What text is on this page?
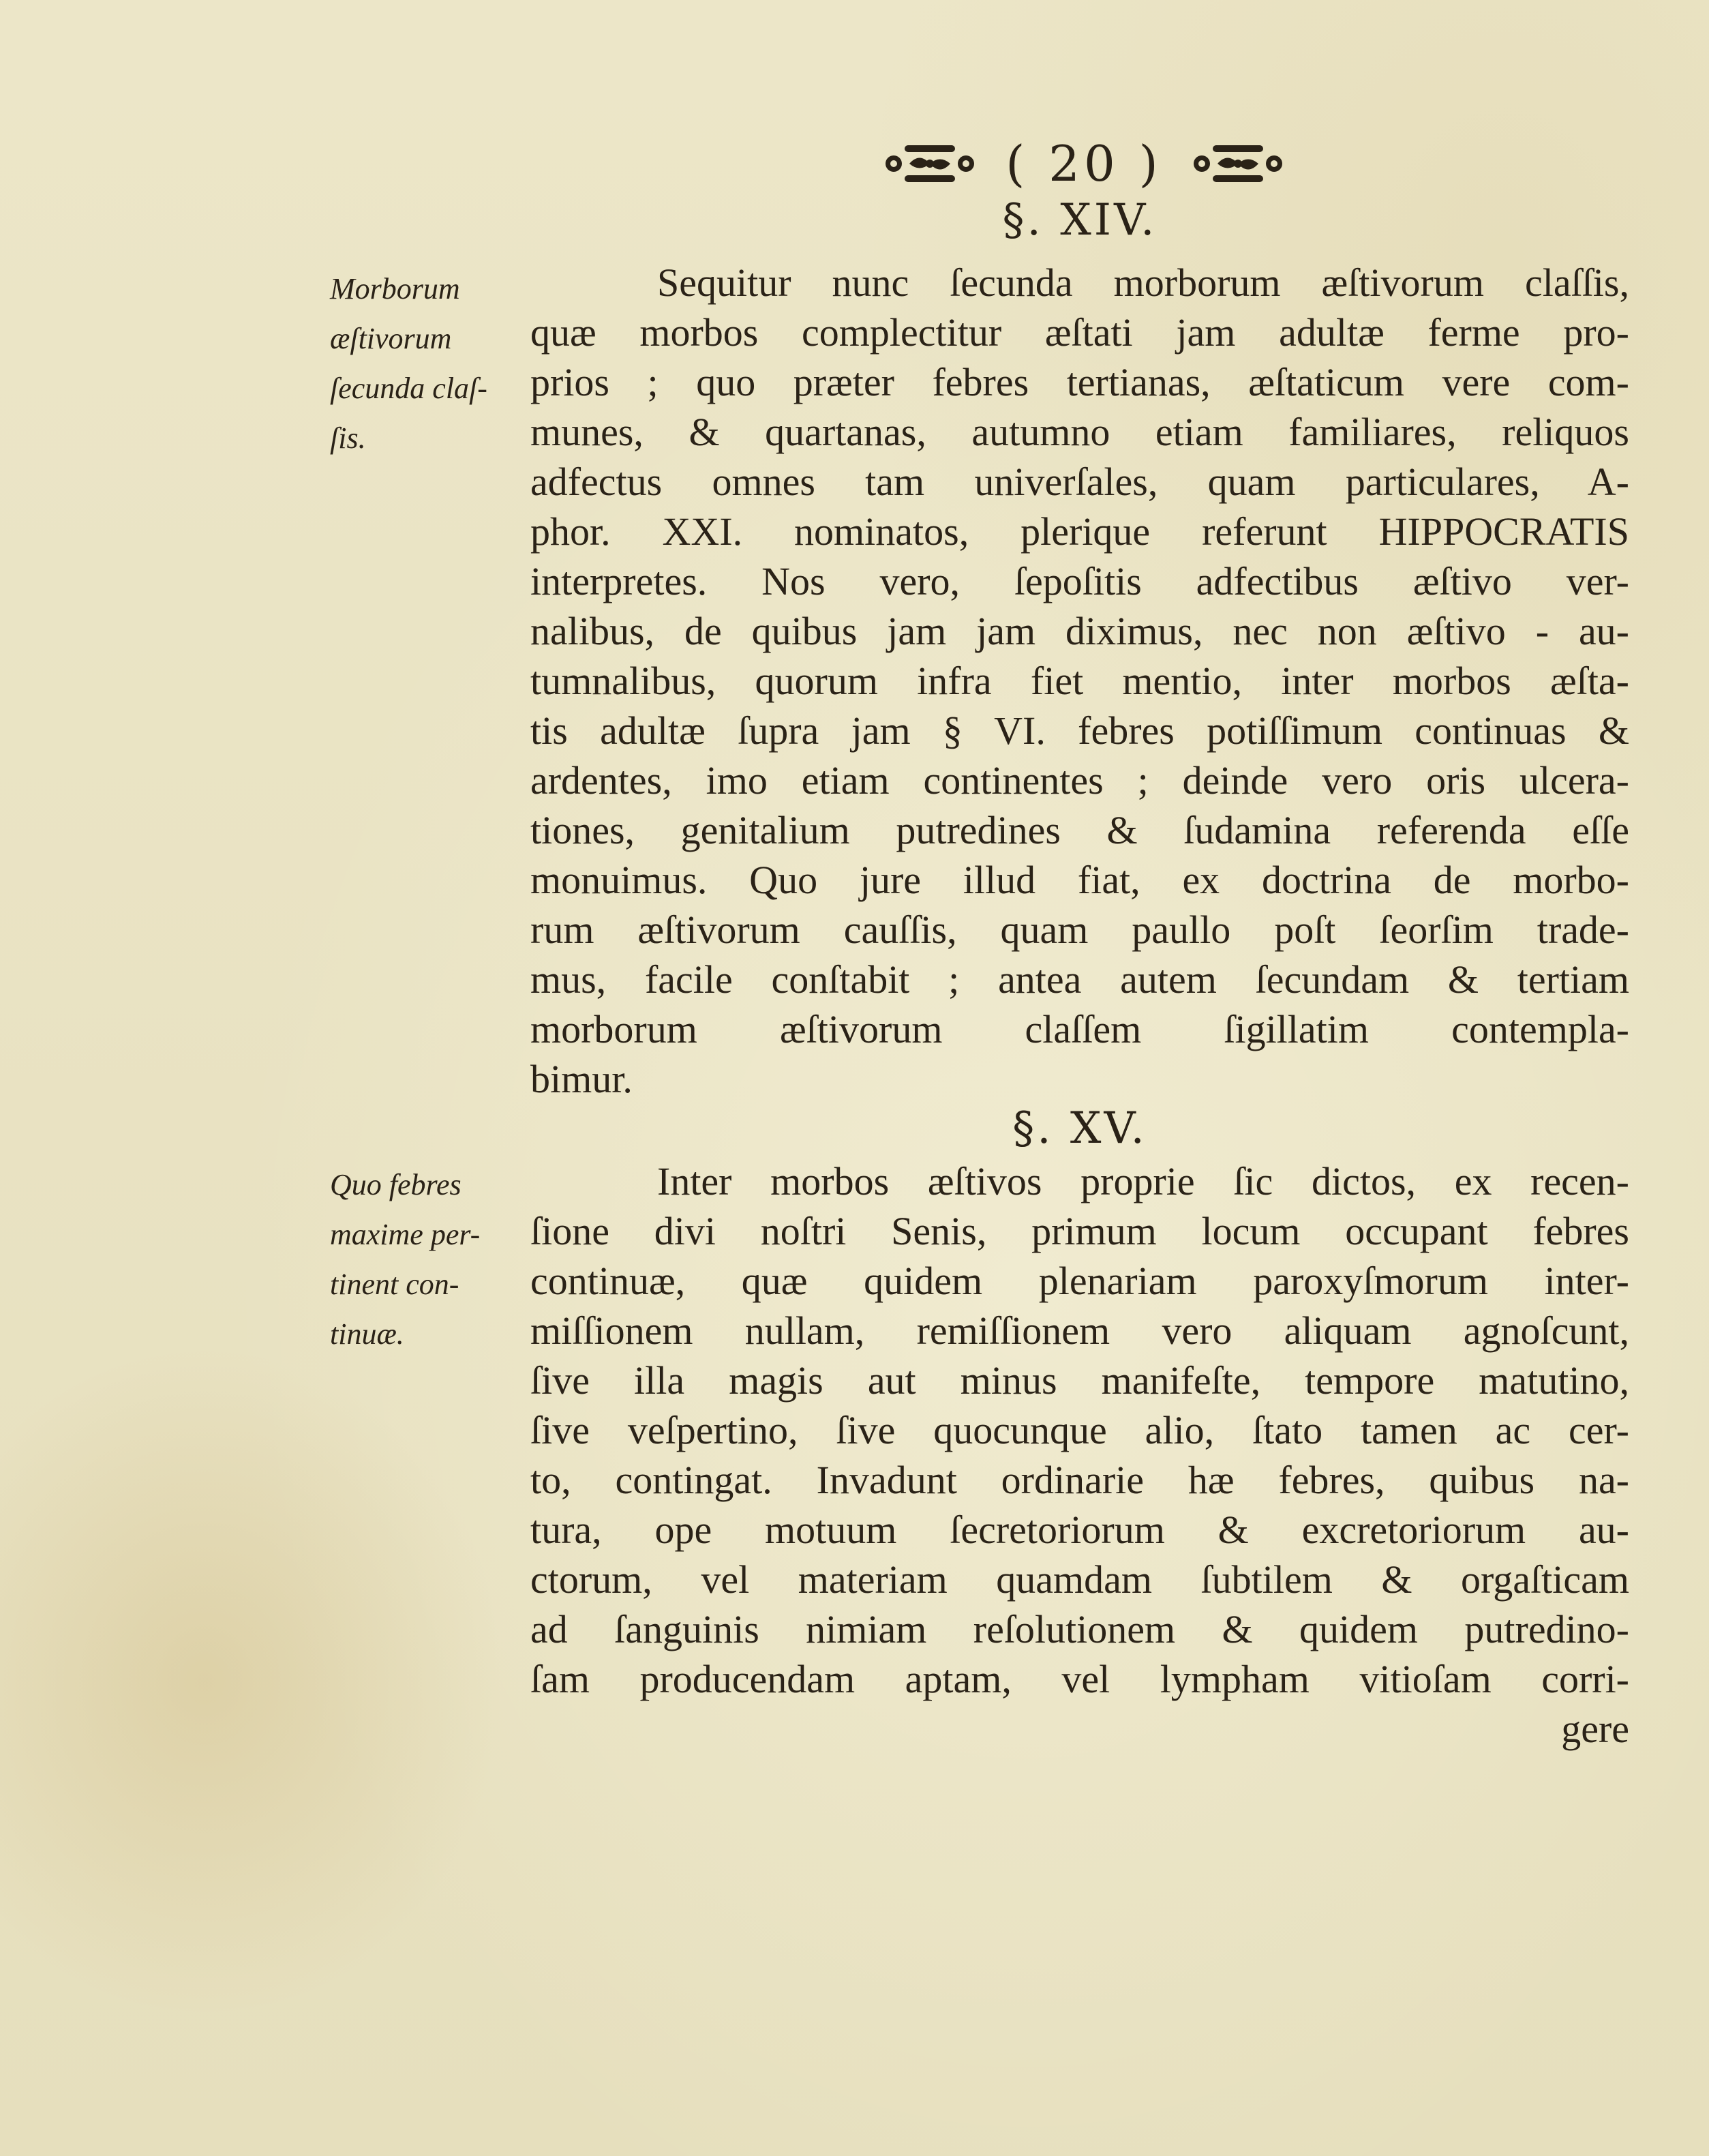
( 20 )
§. XIV.
Morborum
æſtivorum
ſecunda claſ-
ſis.
Sequitur nunc ſecunda morborum æſtivorum claſſis,
quæ morbos complectitur æſtati jam adultæ ferme pro-
prios ; quo præter febres tertianas, æſtaticum vere com-
munes, & quartanas, autumno etiam familiares, reliquos
adfectus omnes tam univerſales, quam particulares, A-
phor. XXI. nominatos, plerique referunt HIPPOCRATIS
interpretes. Nos vero, ſepoſitis adfectibus æſtivo ver-
nalibus, de quibus jam jam diximus, nec non æſtivo - au-
tumnalibus, quorum infra fiet mentio, inter morbos æſta-
tis adultæ ſupra jam § VI. febres potiſſimum continuas &
ardentes, imo etiam continentes ; deinde vero oris ulcera-
tiones, genitalium putredines & ſudamina referenda eſſe
monuimus. Quo jure illud fiat, ex doctrina de morbo-
rum æſtivorum cauſſis, quam paullo poſt ſeorſim trade-
mus, facile conſtabit ; antea autem ſecundam & tertiam
morborum æſtivorum claſſem ſigillatim contempla-
bimur.
§. XV.
Quo febres
maxime per-
tinent con-
tinuæ.
Inter morbos æſtivos proprie ſic dictos, ex recen-
ſione divi noſtri Senis, primum locum occupant febres
continuæ, quæ quidem plenariam paroxyſmorum inter-
miſſionem nullam, remiſſionem vero aliquam agnoſcunt,
ſive illa magis aut minus manifeſte, tempore matutino,
ſive veſpertino, ſive quocunque alio, ſtato tamen ac cer-
to, contingat. Invadunt ordinarie hæ febres, quibus na-
tura, ope motuum ſecretoriorum & excretoriorum au-
ctorum, vel materiam quamdam ſubtilem & orgaſticam
ad ſanguinis nimiam reſolutionem & quidem putredino-
ſam producendam aptam, vel lympham vitioſam corri-
gere
